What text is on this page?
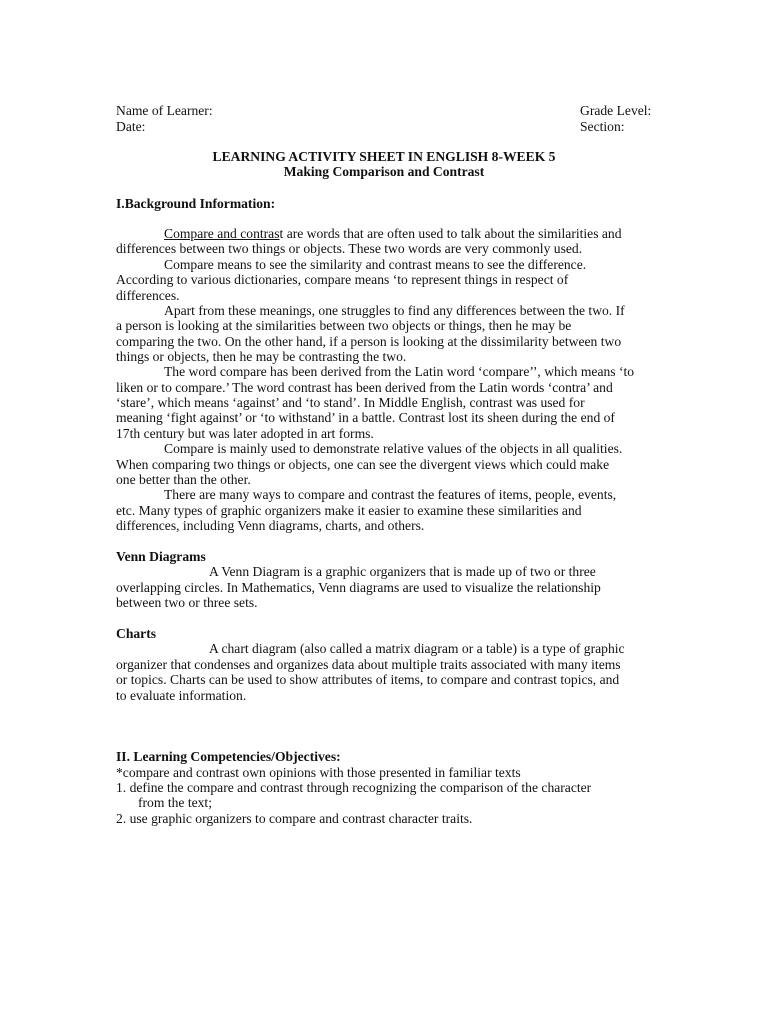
Name of Learner:	Grade Level:
Date:	Section:
LEARNING ACTIVITY SHEET IN ENGLISH 8-WEEK 5
Making Comparison and Contrast
I.Background Information:
Compare and contrast are words that are often used to talk about the similarities and
differences between two things or objects. These two words are very commonly used.
Compare means to see the similarity and contrast means to see the difference.
According to various dictionaries, compare means ‘to represent things in respect of
differences.
Apart from these meanings, one struggles to find any differences between the two. If
a person is looking at the similarities between two objects or things, then he may be
comparing the two. On the other hand, if a person is looking at the dissimilarity between two
things or objects, then he may be contrasting the two.
The word compare has been derived from the Latin word ‘compare’’, which means ‘to
liken or to compare.’ The word contrast has been derived from the Latin words ‘contra’ and
‘stare’, which means ‘against’ and ‘to stand’. In Middle English, contrast was used for
meaning ‘fight against’ or ‘to withstand’ in a battle. Contrast lost its sheen during the end of
17th century but was later adopted in art forms.
Compare is mainly used to demonstrate relative values of the objects in all qualities.
When comparing two things or objects, one can see the divergent views which could make
one better than the other.
There are many ways to compare and contrast the features of items, people, events,
etc. Many types of graphic organizers make it easier to examine these similarities and
differences, including Venn diagrams, charts, and others.
Venn Diagrams
A Venn Diagram is a graphic organizers that is made up of two or three
overlapping circles. In Mathematics, Venn diagrams are used to visualize the relationship
between two or three sets.
Charts
A chart diagram (also called a matrix diagram or a table) is a type of graphic
organizer that condenses and organizes data about multiple traits associated with many items
or topics. Charts can be used to show attributes of items, to compare and contrast topics, and
to evaluate information.
II. Learning Competencies/Objectives:
*compare and contrast own opinions with those presented in familiar texts
1. define the compare and contrast through recognizing the comparison of the character
from the text;
2. use graphic organizers to compare and contrast character traits.
